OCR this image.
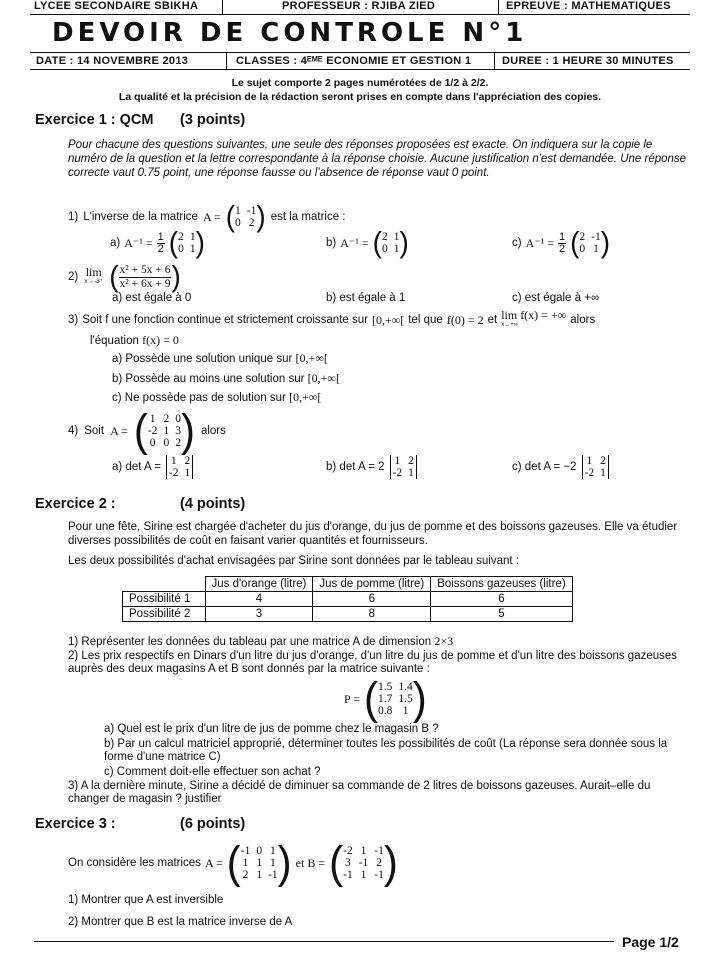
LYCEE SECONDAIRE SBIKHA	PROFESSEUR : RJIBA ZIED	EPREUVE : MATHEMATIQUES
DEVOIR DE CONTROLE N°1
DATE : 14 NOVEMBRE 2013	CLASSES : 4ᴱᴹᴱ ECONOMIE ET GESTION 1	DUREE : 1 HEURE 30 MINUTES
Le sujet comporte 2 pages numérotées de 1/2 à 2/2.
La qualité et la précision de la rédaction seront prises en compte dans l'appréciation des copies.
Exercice 1 : QCM (3 points)
Pour chacune des questions suivantes, une seule des réponses proposées est exacte. On indiquera sur la copie le numéro de la question et la lettre correspondante à la réponse choisie. Aucune justification n'est demandée. Une réponse correcte vaut 0.75 point, une réponse fausse ou l'absence de réponse vaut 0 point.
1) L'inverse de la matrice A = ( 1 -1
0 2 ) est la matrice :
a) $A^{-1} = \frac{1}{2}$ ( 2 1
0 1 )	b) A⁻¹ = ( 2 1
0 1 )	c) $A^{-1} = \frac{1}{2}$ ( 2 -1
0 1 )
2) lim
x→-3⁺ ( $\frac{\text{x² + 5x + 6}}{\text{x² + 6x + 9}}$ )
a) est égale à 0	b) est égale à 1	c) est égale à +∞
3) Soit f une fonction continue et strictement croissante sur [0,+∞[ tel que f(0) = 2 et lim f(x) = +∞
x→+∞	alors
l'équation f(x) = 0
a) Possède une solution unique sur [0,+∞[
b) Possède au moins une solution sur [0,+∞[
c) Ne possède pas de solution sur [0,+∞[
4) Soit A = ( 1 2 0
-2 1 3
0 0 2 ) alors
a) det A = 1 2
-2 1	b) det A = 2 1 2
-2 1	c) det A = −2 1 2
-2 1
Exercice 2 :	(4 points)
Pour une fête, Sirine est chargée d'acheter du jus d'orange, du jus de pomme et des boissons gazeuses. Elle va étudier diverses possibilités de coût en faisant varier quantités et fournisseurs.
Les deux possibilités d'achat envisagées par Sirine sont données par le tableau suivant :
	Jus d'orange (litre)	Jus de pomme (litre)	Boissons gazeuses (litre)
Possibilité 1	4	6	6
Possibilité 2	3	8	5
1) Représenter les données du tableau par une matrice A de dimension 2×3
2) Les prix respectifs en Dinars d'un litre du jus d'orange, d'un litre du jus de pomme et d'un litre des boissons gazeuses auprès des deux magasins A et B sont donnés par la matrice suivante :
P = ( 1.5 1.4
1.7 1.5
0.8 1 )
a) Quel est le prix d'un litre de jus de pomme chez le magasin B ?
b) Par un calcul matriciel approprié, déterminer toutes les possibilités de coût (La réponse sera donnée sous la forme d'une matrice C)
c) Comment doit-elle effectuer son achat ?
3) A la dernière minute, Sirine a décidé de diminuer sa commande de 2 litres de boissons gazeuses. Aurait–elle du changer de magasin ? justifier
Exercice 3 :	(6 points)
On considère les matrices A = ( -1 0 1
1 1 1
2 1 -1 ) et B = ( -2 1 -1
3 -1 2
-1 1 -1 )
1) Montrer que A est inversible
2) Montrer que B est la matrice inverse de A
Page 1/2
